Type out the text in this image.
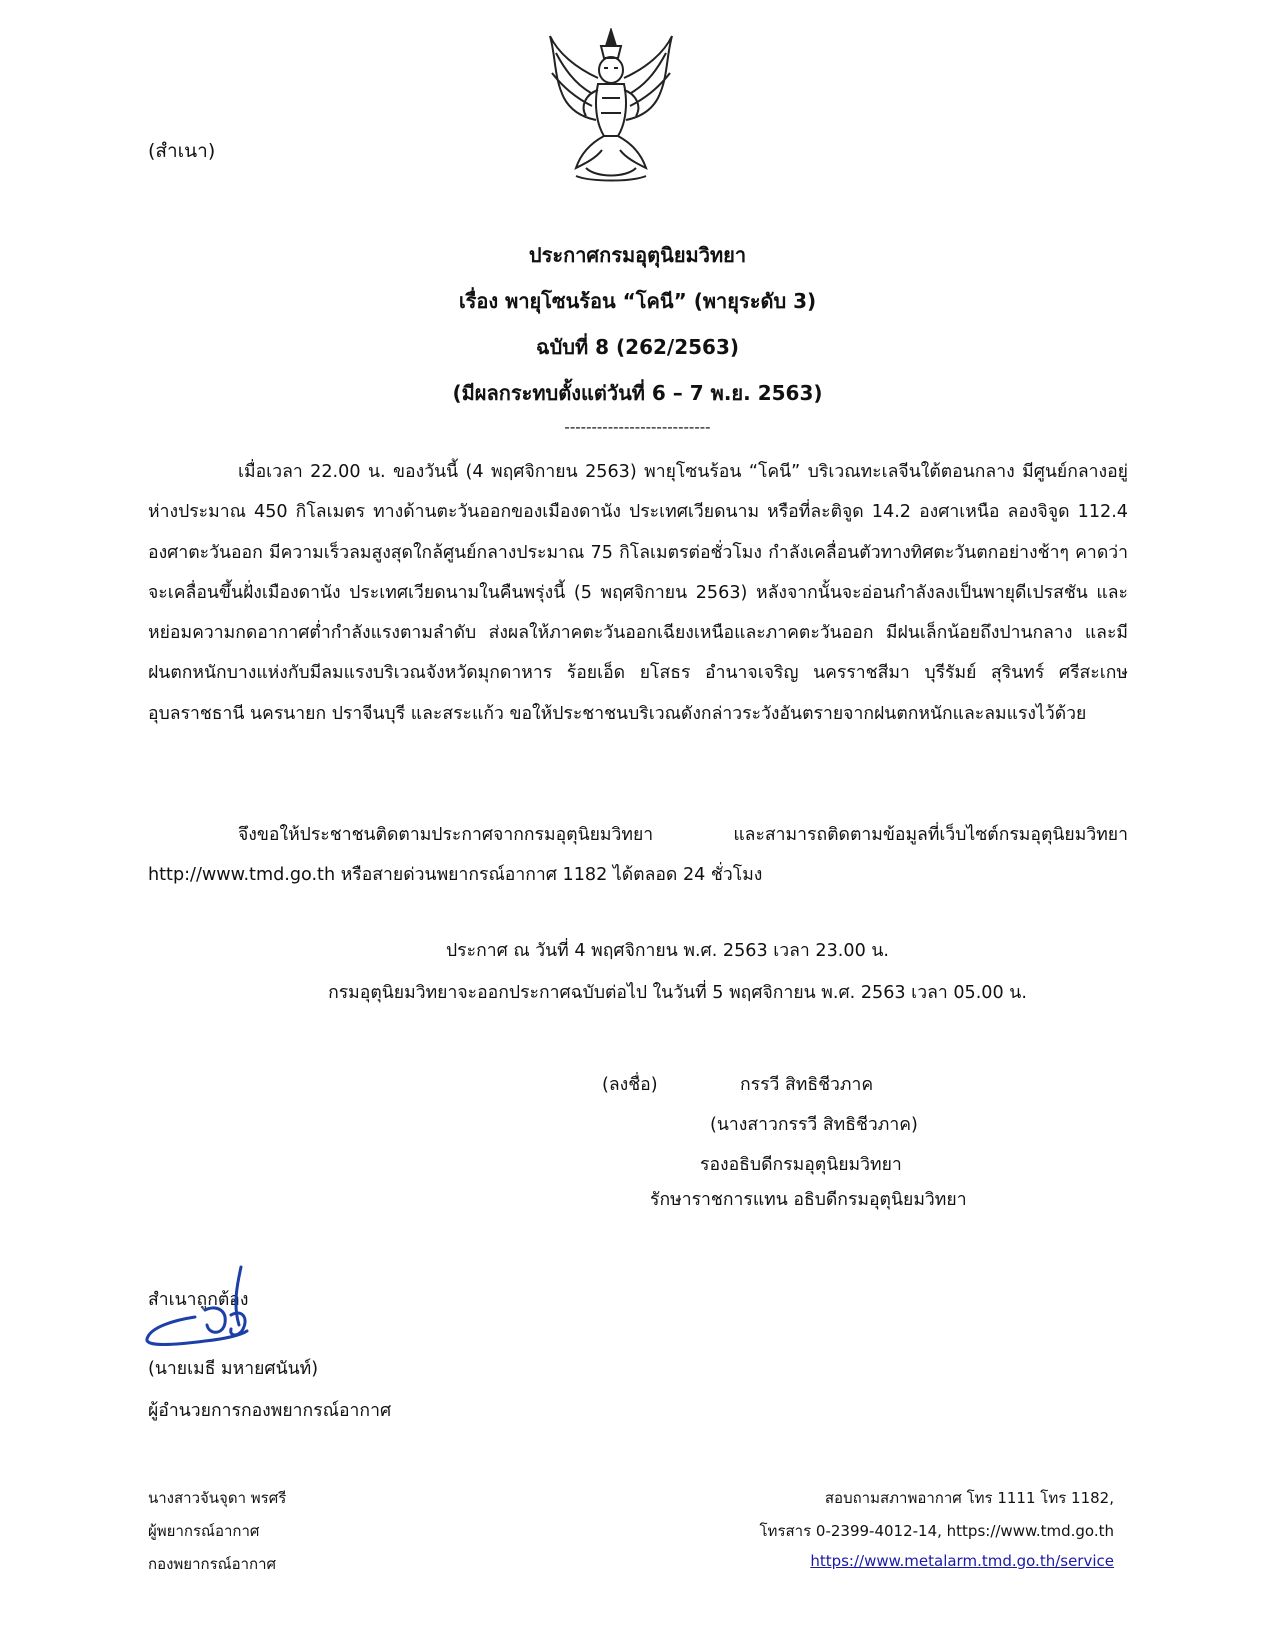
(สำเนา)
ประกาศกรมอุตุนิยมวิทยา
เรื่อง พายุโซนร้อน “โคนี” (พายุระดับ 3)
ฉบับที่ 8 (262/2563)
(มีผลกระทบตั้งแต่วันที่ 6 – 7 พ.ย. 2563)
---------------------------
เมื่อเวลา 22.00 น. ของวันนี้ (4 พฤศจิกายน 2563) พายุโซนร้อน “โคนี” บริเวณทะเลจีนใต้ตอนกลาง มีศูนย์กลางอยู่ห่างประมาณ 450 กิโลเมตร ทางด้านตะวันออกของเมืองดานัง ประเทศเวียดนาม หรือที่ละติจูด 14.2 องศาเหนือ ลองจิจูด 112.4 องศาตะวันออก มีความเร็วลมสูงสุดใกล้ศูนย์กลางประมาณ 75 กิโลเมตรต่อชั่วโมง กำลังเคลื่อนตัวทางทิศตะวันตกอย่างช้าๆ คาดว่าจะเคลื่อนขึ้นฝั่งเมืองดานัง ประเทศเวียดนามในคืนพรุ่งนี้ (5 พฤศจิกายน 2563) หลังจากนั้นจะอ่อนกำลังลงเป็นพายุดีเปรสชัน และหย่อมความกดอากาศต่ำกำลังแรงตามลำดับ ส่งผลให้ภาคตะวันออกเฉียงเหนือและภาคตะวันออก มีฝนเล็กน้อยถึงปานกลาง และมีฝนตกหนักบางแห่งกับมีลมแรงบริเวณจังหวัดมุกดาหาร ร้อยเอ็ด ยโสธร อำนาจเจริญ นครราชสีมา บุรีรัมย์ สุรินทร์ ศรีสะเกษ อุบลราชธานี นครนายก ปราจีนบุรี และสระแก้ว ขอให้ประชาชนบริเวณดังกล่าวระวังอันตรายจากฝนตกหนักและลมแรงไว้ด้วย
จึงขอให้ประชาชนติดตามประกาศจากกรมอุตุนิยมวิทยา และสามารถติดตามข้อมูลที่เว็บไซต์กรมอุตุนิยมวิทยา http://www.tmd.go.th หรือสายด่วนพยากรณ์อากาศ 1182 ได้ตลอด 24 ชั่วโมง
ประกาศ ณ วันที่ 4 พฤศจิกายน พ.ศ. 2563 เวลา 23.00 น.
กรมอุตุนิยมวิทยาจะออกประกาศฉบับต่อไป ในวันที่ 5 พฤศจิกายน พ.ศ. 2563 เวลา 05.00 น.
(ลงชื่อ)	กรรวี สิทธิชีวภาค
(นางสาวกรรวี สิทธิชีวภาค)
รองอธิบดีกรมอุตุนิยมวิทยา
รักษาราชการแทน อธิบดีกรมอุตุนิยมวิทยา
สำเนาถูกต้อง
(นายเมธี มหายศนันท์)
ผู้อำนวยการกองพยากรณ์อากาศ
นางสาวจันจุดา พรศรี
ผู้พยากรณ์อากาศ
กองพยากรณ์อากาศ
สอบถามสภาพอากาศ โทร 1111 โทร 1182,
โทรสาร 0-2399-4012-14, https://www.tmd.go.th
https://www.metalarm.tmd.go.th/service
